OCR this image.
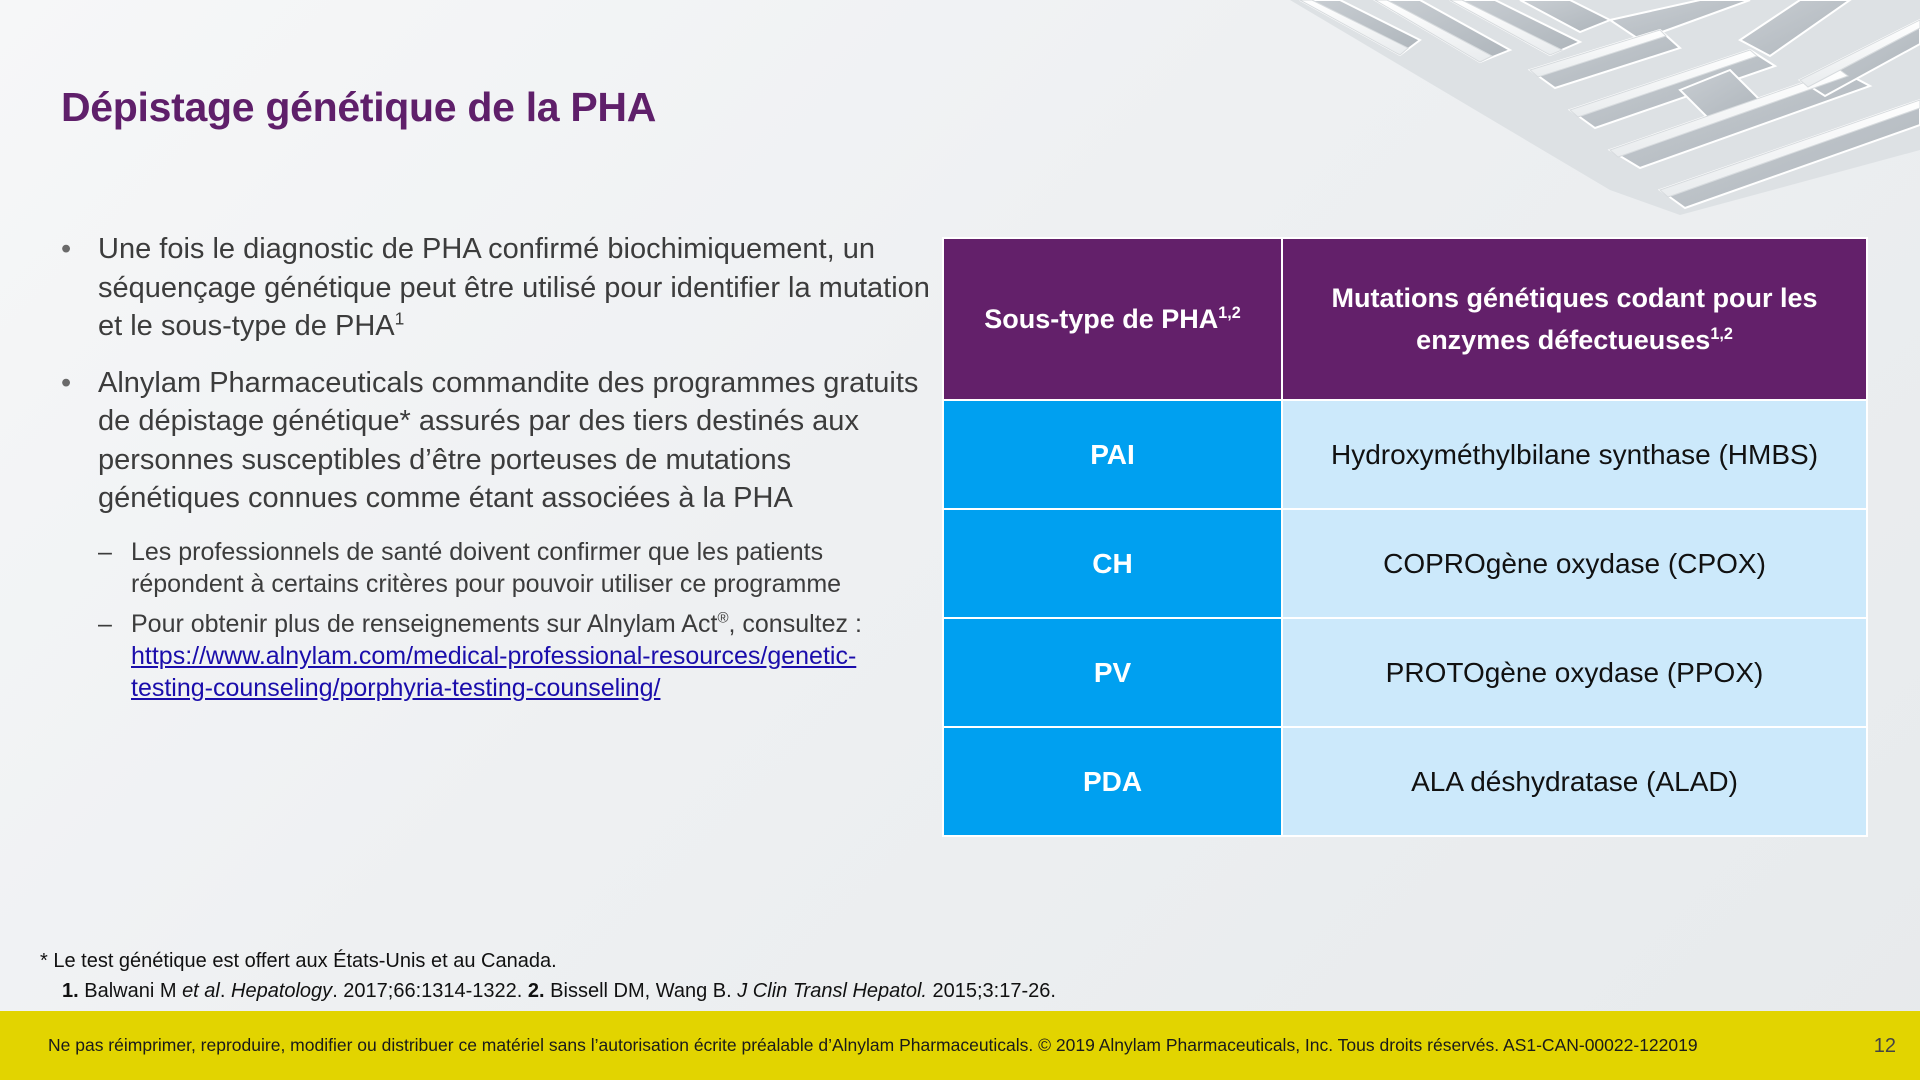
Dépistage génétique de la PHA
• Une fois le diagnostic de PHA confirmé biochimiquement, un séquençage génétique peut être utilisé pour identifier la mutation et le sous-type de PHA$^1$
• Alnylam Pharmaceuticals commandite des programmes gratuits de dépistage génétique* assurés par des tiers destinés aux personnes susceptibles d’être porteuses de mutations génétiques connues comme étant associées à la PHA
– Les professionnels de santé doivent confirmer que les patients répondent à certains critères pour pouvoir utiliser ce programme
– Pour obtenir plus de renseignements sur Alnylam Act®, consultez :
https://www.alnylam.com/medical-professional-resources/genetic-testing-counseling/porphyria-testing-counseling/
Sous-type de PHA$^{1,2}$	Mutations génétiques codant pour les enzymes défectueuses$^{1,2}$
PAI	Hydroxyméthylbilane synthase (HMBS)
CH	COPROgène oxydase (CPOX)
PV	PROTOgène oxydase (PPOX)
PDA	ALA déshydratase (ALAD)
* Le test génétique est offert aux États-Unis et au Canada.
1. Balwani M et al. Hepatology. 2017;66:1314-1322. 2. Bissell DM, Wang B. J Clin Transl Hepatol. 2015;3:17-26.
Ne pas réimprimer, reproduire, modifier ou distribuer ce matériel sans l’autorisation écrite préalable d’Alnylam Pharmaceuticals. © 2019 Alnylam Pharmaceuticals, Inc. Tous droits réservés. AS1-CAN-00022-122019	12
